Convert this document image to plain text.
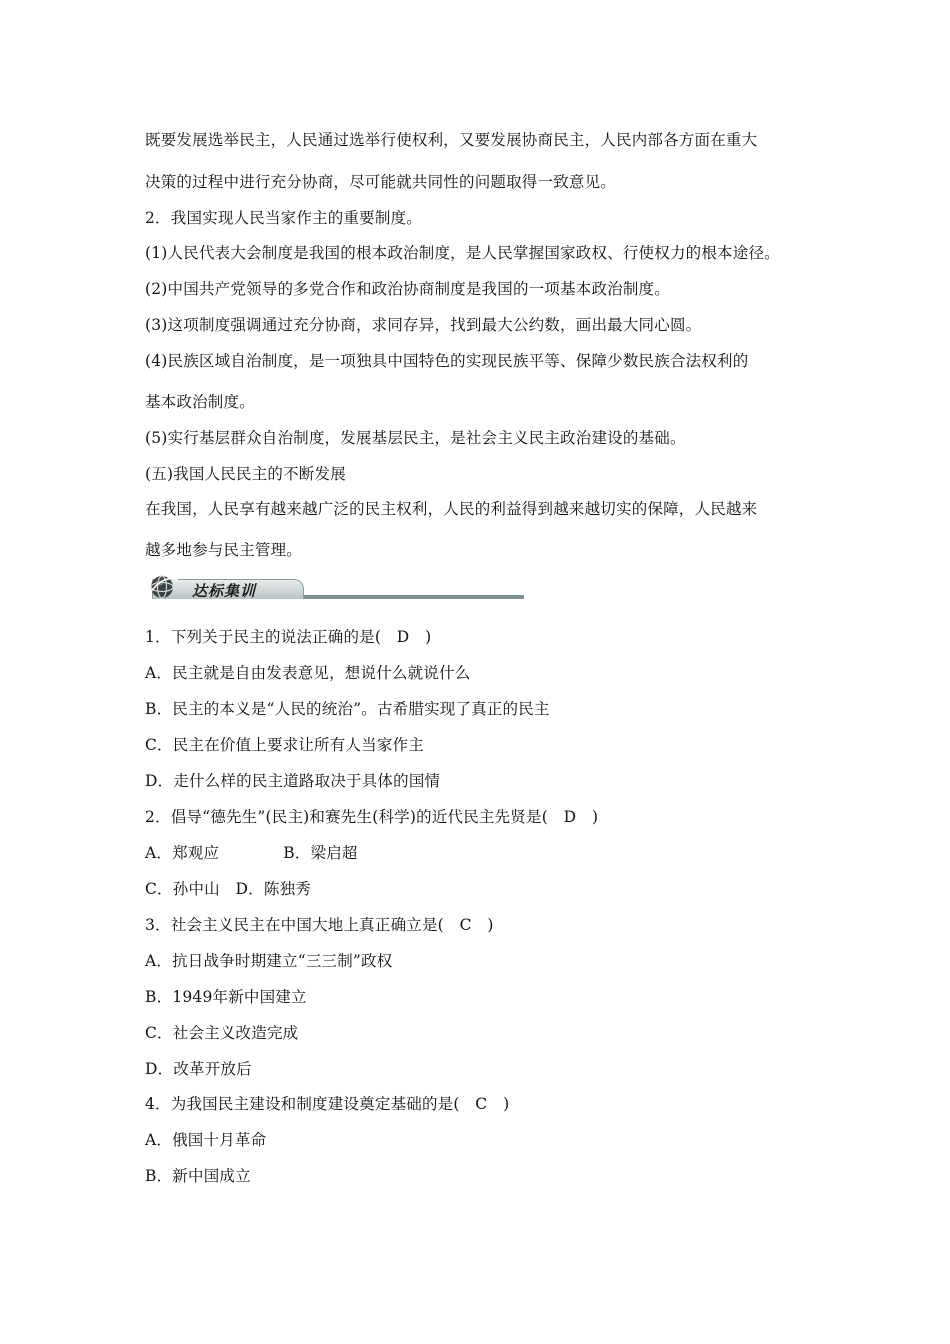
既要发展选举民主，人民通过选举行使权利，又要发展协商民主，人民内部各方面在重大
决策的过程中进行充分协商，尽可能就共同性的问题取得一致意见。
2．我国实现人民当家作主的重要制度。
(1)人民代表大会制度是我国的根本政治制度，是人民掌握国家政权、行使权力的根本途径。
(2)中国共产党领导的多党合作和政治协商制度是我国的一项基本政治制度。
(3)这项制度强调通过充分协商，求同存异，找到最大公约数，画出最大同心圆。
(4)民族区域自治制度，是一项独具中国特色的实现民族平等、保障少数民族合法权利的
基本政治制度。
(5)实行基层群众自治制度，发展基层民主，是社会主义民主政治建设的基础。
(五)我国人民民主的不断发展
在我国，人民享有越来越广泛的民主权利，人民的利益得到越来越切实的保障，人民越来
越多地参与民主管理。
达标集训
1．下列关于民主的说法正确的是(　D　)
A．民主就是自由发表意见，想说什么就说什么
B．民主的本义是“人民的统治”。古希腊实现了真正的民主
C．民主在价值上要求让所有人当家作主
D．走什么样的民主道路取决于具体的国情
2．倡导“德先生”(民主)和赛先生(科学)的近代民主先贤是(　D　)
A．郑观应	B．梁启超
C．孙中山　D．陈独秀
3．社会主义民主在中国大地上真正确立是(　C　)
A．抗日战争时期建立“三三制”政权
B．1949年新中国建立
C．社会主义改造完成
D．改革开放后
4．为我国民主建设和制度建设奠定基础的是(　C　)
A．俄国十月革命
B．新中国成立
